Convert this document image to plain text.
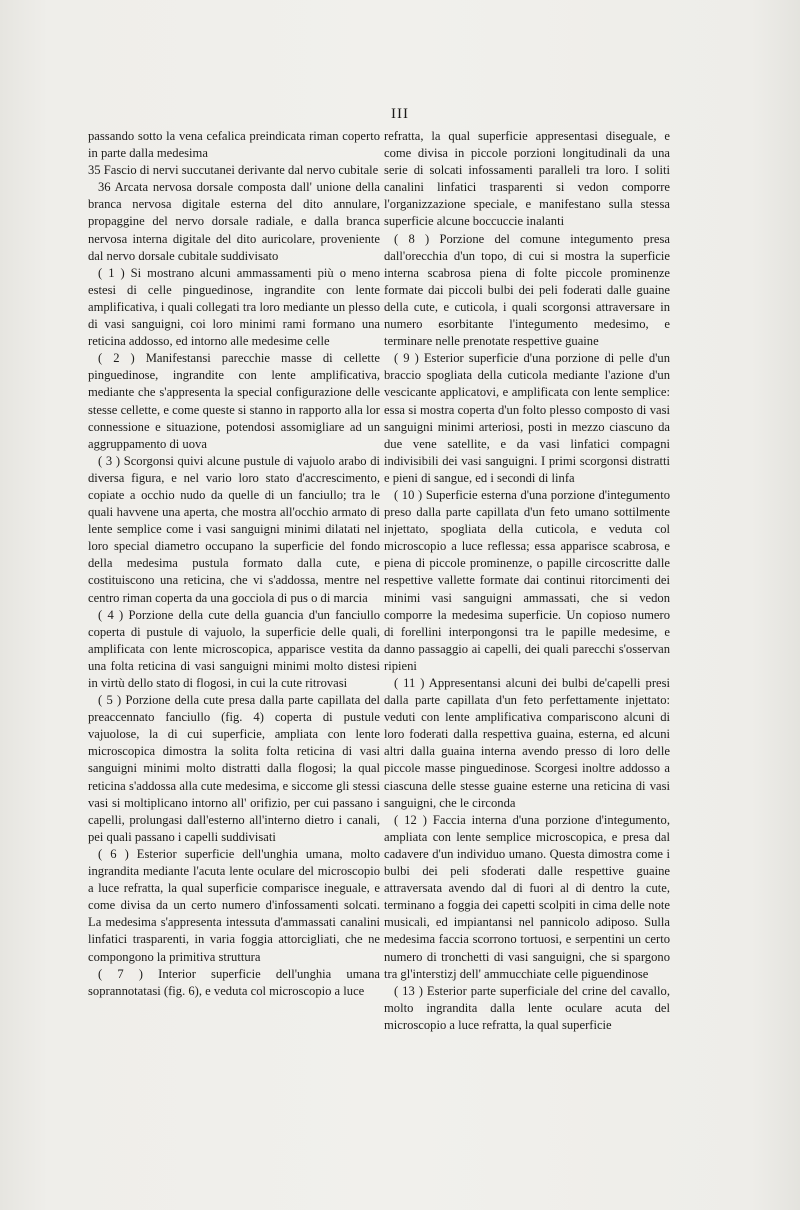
III

passando sotto la vena cefalica preindicata riman coperto in parte dalla medesima

35 Fascio di nervi succutanei derivante dal nervo cubitale

36 Arcata nervosa dorsale composta dall' unione della branca nervosa digitale esterna del dito annulare, propaggine del nervo dorsale radiale, e dalla branca nervosa interna digitale del dito auricolare, proveniente dal nervo dorsale cubitale suddivisato

( 1 ) Si mostrano alcuni ammassamenti più o meno estesi di celle pinguedinose, ingrandite con lente amplificativa, i quali collegati tra loro mediante un plesso di vasi sanguigni, coi loro minimi rami formano una reticina addosso, ed intorno alle medesime celle

( 2 ) Manifestansi parecchie masse di cellette pinguedinose, ingrandite con lente amplificativa, mediante che s'appresenta la special configurazione delle stesse cellette, e come queste si stanno in rapporto alla lor connessione e situazione, potendosi assomigliare ad un aggruppamento di uova

( 3 ) Scorgonsi quivi alcune pustule di vajuolo arabo di diversa figura, e nel vario loro stato d'accrescimento, copiate a occhio nudo da quelle di un fanciullo; tra le quali havvene una aperta, che mostra all'occhio armato di lente semplice come i vasi sanguigni minimi dilatati nel loro special diametro occupano la superficie del fondo della medesima pustula formato dalla cute, e costituiscono una reticina, che vi s'addossa, mentre nel centro riman coperta da una gocciola di pus o di marcia

( 4 ) Porzione della cute della guancia d'un fanciullo coperta di pustule di vajuolo, la superficie delle quali, amplificata con lente microscopica, apparisce vestita da una folta reticina di vasi sanguigni minimi molto distesi in virtù dello stato di flogosi, in cui la cute ritrovasi

( 5 ) Porzione della cute presa dalla parte capillata del preaccennato fanciullo (fig. 4) coperta di pustule vajuolose, la di cui superficie, ampliata con lente microscopica dimostra la solita folta reticina di vasi sanguigni minimi molto distratti dalla flogosi; la qual reticina s'addossa alla cute medesima, e siccome gli stessi vasi si moltiplicano intorno all' orifizio, per cui passano i capelli, prolungasi dall'esterno all'interno dietro i canali, pei quali passano i capelli suddivisati

( 6 ) Esterior superficie dell'unghia umana, molto ingrandita mediante l'acuta lente oculare del microscopio a luce refratta, la qual superficie comparisce ineguale, e come divisa da un certo numero d'infossamenti solcati. La medesima s'appresenta intessuta d'ammassati canalini linfatici trasparenti, in varia foggia attorcigliati, che ne compongono la primitiva struttura

( 7 ) Interior superficie dell'unghia umana soprannotatasi (fig. 6), e veduta col microscopio a luce

refratta, la qual superficie appresentasi diseguale, e come divisa in piccole porzioni longitudinali da una serie di solcati infossamenti paralleli tra loro. I soliti canalini linfatici trasparenti si vedon comporre l'organizzazione speciale, e manifestano sulla stessa superficie alcune boccuccie inalanti

( 8 ) Porzione del comune integumento presa dall'orecchia d'un topo, di cui si mostra la superficie interna scabrosa piena di folte piccole prominenze formate dai piccoli bulbi dei peli foderati dalle guaine della cute, e cuticola, i quali scorgonsi attraversare in numero esorbitante l'integumento medesimo, e terminare nelle prenotate respettive guaine

( 9 ) Esterior superficie d'una porzione di pelle d'un braccio spogliata della cuticola mediante l'azione d'un vescicante applicatovi, e amplificata con lente semplice: essa si mostra coperta d'un folto plesso composto di vasi sanguigni minimi arteriosi, posti in mezzo ciascuno da due vene satellite, e da vasi linfatici compagni indivisibili dei vasi sanguigni. I primi scorgonsi distratti e pieni di sangue, ed i secondi di linfa

( 10 ) Superficie esterna d'una porzione d'integumento preso dalla parte capillata d'un feto umano sottilmente injettato, spogliata della cuticola, e veduta col microscopio a luce reflessa; essa apparisce scabrosa, e piena di piccole prominenze, o papille circoscritte dalle respettive vallette formate dai continui ritorcimenti dei minimi vasi sanguigni ammassati, che si vedon comporre la medesima superficie. Un copioso numero di forellini interpongonsi tra le papille medesime, e danno passaggio ai capelli, dei quali parecchi s'osservan ripieni

( 11 ) Appresentansi alcuni dei bulbi de'capelli presi dalla parte capillata d'un feto perfettamente injettato: veduti con lente amplificativa compariscono alcuni di loro foderati dalla respettiva guaina, esterna, ed alcuni altri dalla guaina interna avendo presso di loro delle piccole masse pinguedinose. Scorgesi inoltre addosso a ciascuna delle stesse guaine esterne una reticina di vasi sanguigni, che le circonda

( 12 ) Faccia interna d'una porzione d'integumento, ampliata con lente semplice microscopica, e presa dal cadavere d'un individuo umano. Questa dimostra come i bulbi dei peli sfoderati dalle respettive guaine attraversata avendo dal di fuori al di dentro la cute, terminano a foggia dei capetti scolpiti in cima delle note musicali, ed impiantansi nel pannicolo adiposo. Sulla medesima faccia scorrono tortuosi, e serpentini un certo numero di tronchetti di vasi sanguigni, che si spargono tra gl'interstizj dell' ammucchiate celle piguendinose

( 13 ) Esterior parte superficiale del crine del cavallo, molto ingrandita dalla lente oculare acuta del microscopio a luce refratta, la qual superficie
